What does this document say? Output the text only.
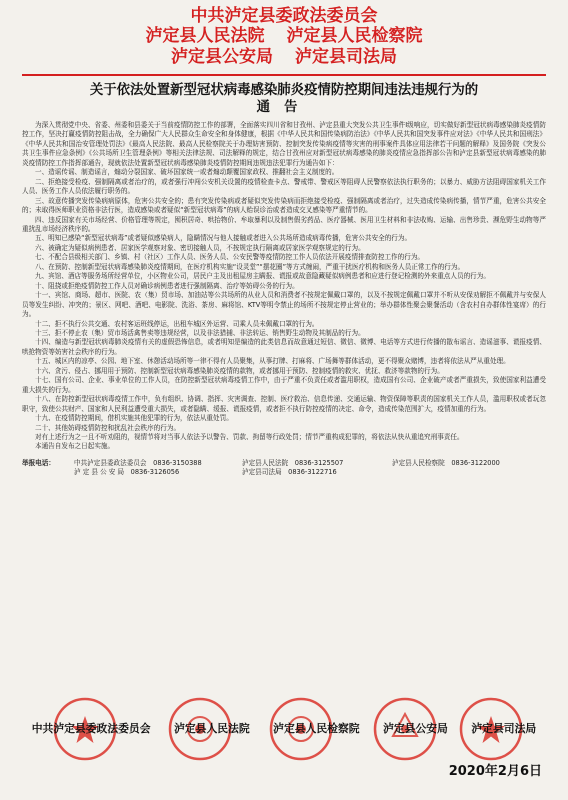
中共泸定县委政法委员会
泸定县人民法院 泸定县人民检察院
泸定县公安局 泸定县司法局
关于依法处置新型冠状病毒感染肺炎疫情防控期间违法违规行为的
通告

为深入贯彻党中央、省委、州委和县委关于当前疫情防控工作的部署，全面落实四川省和甘孜州、泸定县重大突发公共卫生事件Ⅰ级响应，切实做好新型冠状病毒感染肺炎疫情防控工作，坚决打赢疫情防控阻击战，全力确保广大人民群众生命安全和身体健康，根据《中华人民共和国传染病防治法》《中华人民共和国突发事件应对法》《中华人民共和国刑法》《中华人民共和国治安管理处罚法》《最高人民法院、最高人民检察院关于办理妨害预防、控制突发传染病疫情等灾害的刑事案件具体应用法律若干问题的解释》及国务院《突发公共卫生事件应急条例》《公共场所卫生管理条例》等相关法律法规、司法解释的规定，结合甘孜州应对新型冠状病毒感染的肺炎疫情应急指挥部公告和泸定县新型冠状病毒感染的肺炎疫情防控工作指挥部通告，现就依法处置新型冠状病毒感染肺炎疫情防控期间违规违法犯罪行为通告如下：

一、造谣传谣、制造谣言，煽动分裂国家、破坏国家统一或者煽动颠覆国家政权、推翻社会主义制度的。

二、拒绝接受检疫、强制隔离或者治疗的，或者强行冲闯公安机关设置的疫情检查卡点、警戒带、警戒区等阻碍人民警察依法执行职务的；以暴力、威胁方法阻碍国家机关工作人员、医务工作人员依法履行职务的。

三、故意传播突发传染病病原体，危害公共安全的；患有突发传染病或者疑似突发传染病而拒绝接受检疫、强制隔离或者治疗，过失造成传染病传播，情节严重，危害公共安全的；未取得医师职业资格非法行医，造成感染或者疑似“新型冠状病毒”的病人贻误诊治或者造成交叉感染等严重情节的。

四、违反国家有关市场经营、价格管理等规定，囤积居奇、哄抬物价、牟取暴利以及制售假劣药品、医疗器械、医用卫生材料和非法收购、运输、出售珍贵、濒危野生动物等严重扰乱市场经济秩序的。

五、明知已感染“新型冠状病毒”或者疑似感染病人，隐瞒情况与他人接触或者进入公共场所造成病毒传播，危害公共安全的行为。

六、被确定为疑似病例患者、居家医学观察对象、密切接触人员，不按规定执行隔离或居家医学观察规定的行为。

七、不配合县级相关部门、乡镇、村（社区）工作人员、医务人员、公安民警等疫情防控工作人员依法开展疫情排查防控工作的行为。

八、在预防、控制新型冠状病毒感染肺炎疫情期间，在医疗机构实施“设灵堂”“摆花圈”等方式缠闹，严重干扰医疗机构和医务人员正常工作的行为。

九、宾馆、酒店等服务场所经营单位，小区物业公司，居民户主及出租屋房主瞒报、谎报或故意隐藏疑似病例患者和应进行登记检测的外来重点人员的行为。

十、阻挠或拒绝疫情防控工作人员对确诊病例患者进行强制隔离、治疗等妨碍公务的行为。

十一、宾馆、商场、超市、医院、农（集）贸市场、加油站等公共场所的从业人员和消费者不按规定佩戴口罩的，以及不按规定佩戴口罩并不听从安保劝解拒不佩戴并与安保人员等发生纠纷、冲突的；景区、网吧、酒吧、电影院、洗浴、茶房、麻将馆、KTV等明令禁止的场所不按规定停止营业的；举办群体性聚会聚餐活动（含农村自办群体性宴席）的行为。

十二、拒不执行公共交通、农村客运班线停运，出租车城区外运营、司乘人员未佩戴口罩的行为。

十三、拒不停止农（集）贸市场活禽售卖等违规经营，以及非法猎捕、非法转运、销售野生动物及其制品的行为。

十四、编造与新型冠状病毒肺炎疫情有关的虚假恐怖信息，或者明知是编造的此类信息而故意通过短信、微信、微博、电话等方式进行传播的散布谣言、造谣滋事、谎报疫情、哄抢物资等妨害社会秩序的行为。

十五、城区内的凉亭、公园、地下室、休憩活动场所等一律不得有人员聚集，从事打牌、打麻将、广场舞等群体活动，更不得聚众赌博，违者将依法从严从重处理。

十六、贪污、侵占、挪用用于预防、控制新型冠状病毒感染肺炎疫情的款物，或者挪用于预防、控制疫情的救灾、优抚、救济等款物的行为。

十七、国有公司、企业、事业单位的工作人员，在防控新型冠状病毒疫情工作中，由于严重不负责任或者滥用职权，造成国有公司、企业破产或者严重损失，致使国家利益遭受重大损失的行为。

十八、在防控新型冠状病毒疫情工作中，负有组织、协调、指挥、灾害调查、控制、医疗救治、信息传递、交通运输、物资保障等职责的国家机关工作人员，滥用职权或者玩忽职守，致使公共财产、国家和人民利益遭受重大损失，或者隐瞒、缓报、谎报疫情，或者拒不执行防控疫情的决定、命令，造成传染范围扩大，疫情加重的行为。

十九、在疫情防控期间，借机实施其他犯罪的行为，依法从重处罚。

二十、其他妨碍疫情防控和扰乱社会秩序的行为。

对有上述行为之一且不听劝阻的，视情节将对当事人依法予以警告、罚款、拘留等行政处罚；情节严重构成犯罪的，将依法从快从重追究刑事责任。

本通告自发布之日起实施。

举报电话：	中共泸定县委政法委员会　 0836-3150388	泸定县人民法院　 0836-3125507	泸定县人民检察院　 0836-3122000
泸 定 县 公 安 局　 0836-3126056	泸定县司法局　 0836-3122716
中共泸定县委政法委员会 泸定县人民法院 泸定县人民检察院 泸定县公安局 泸定县司法局
2020年2月6日
